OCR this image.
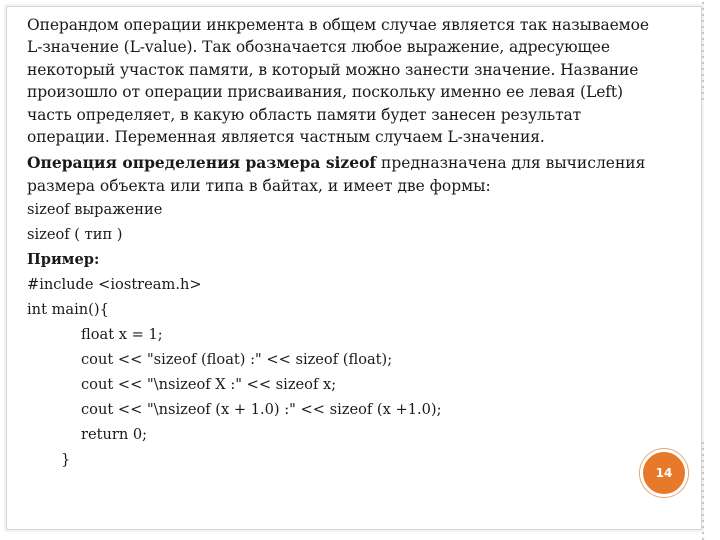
Операндом операции инкремента в общем случае является так называемое L-значение (L-value). Так обозначается любое выражение, адресующее некоторый участок памяти, в который можно занести значение. Название произошло от операции присваивания, поскольку именно ее левая (Left) часть определяет, в какую область памяти будет занесен результат операции. Переменная является частным случаем L-значения.
Операция определения размера sizeof предназначена для вычисления размера объекта или типа в байтах, и имеет две формы:
sizeof выражение
sizeof ( тип )
Пример:
#include <iostream.h>
int main(){
float x = 1;
cout << "sizeof (float) :" << sizeof (float);
cout << "\nsizeof X :" << sizeof x;
cout << "\nsizeof (x + 1.0) :" << sizeof (x +1.0);
return 0;
}
14
